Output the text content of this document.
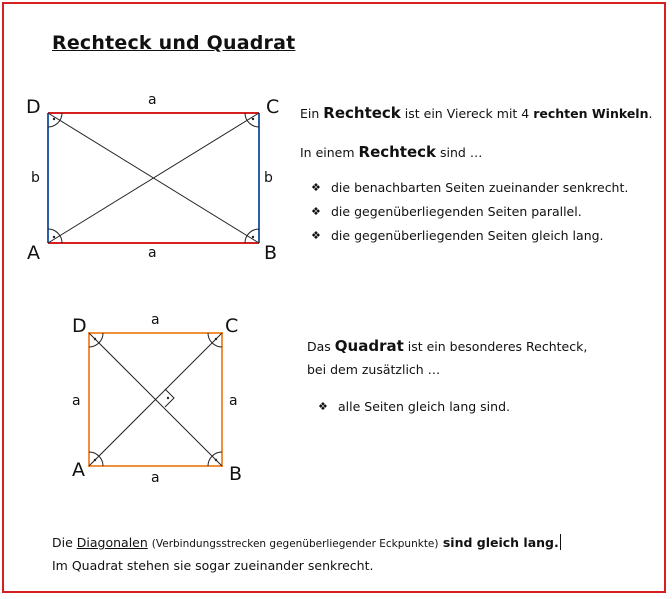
Rechteck und Quadrat
D	C
A	B
a
a
b	b
D	C
A	B
a
a
a	a
Ein Rechteck ist ein Viereck mit 4 rechten Winkeln.
In einem Rechteck sind …
❖ die benachbarten Seiten zueinander senkrecht.
❖ die gegenüberliegenden Seiten parallel.
❖ die gegenüberliegenden Seiten gleich lang.
Das Quadrat ist ein besonderes Rechteck,
bei dem zusätzlich …
❖ alle Seiten gleich lang sind.
Die Diagonalen (Verbindungsstrecken gegenüberliegender Eckpunkte) sind gleich lang.
Im Quadrat stehen sie sogar zueinander senkrecht.
